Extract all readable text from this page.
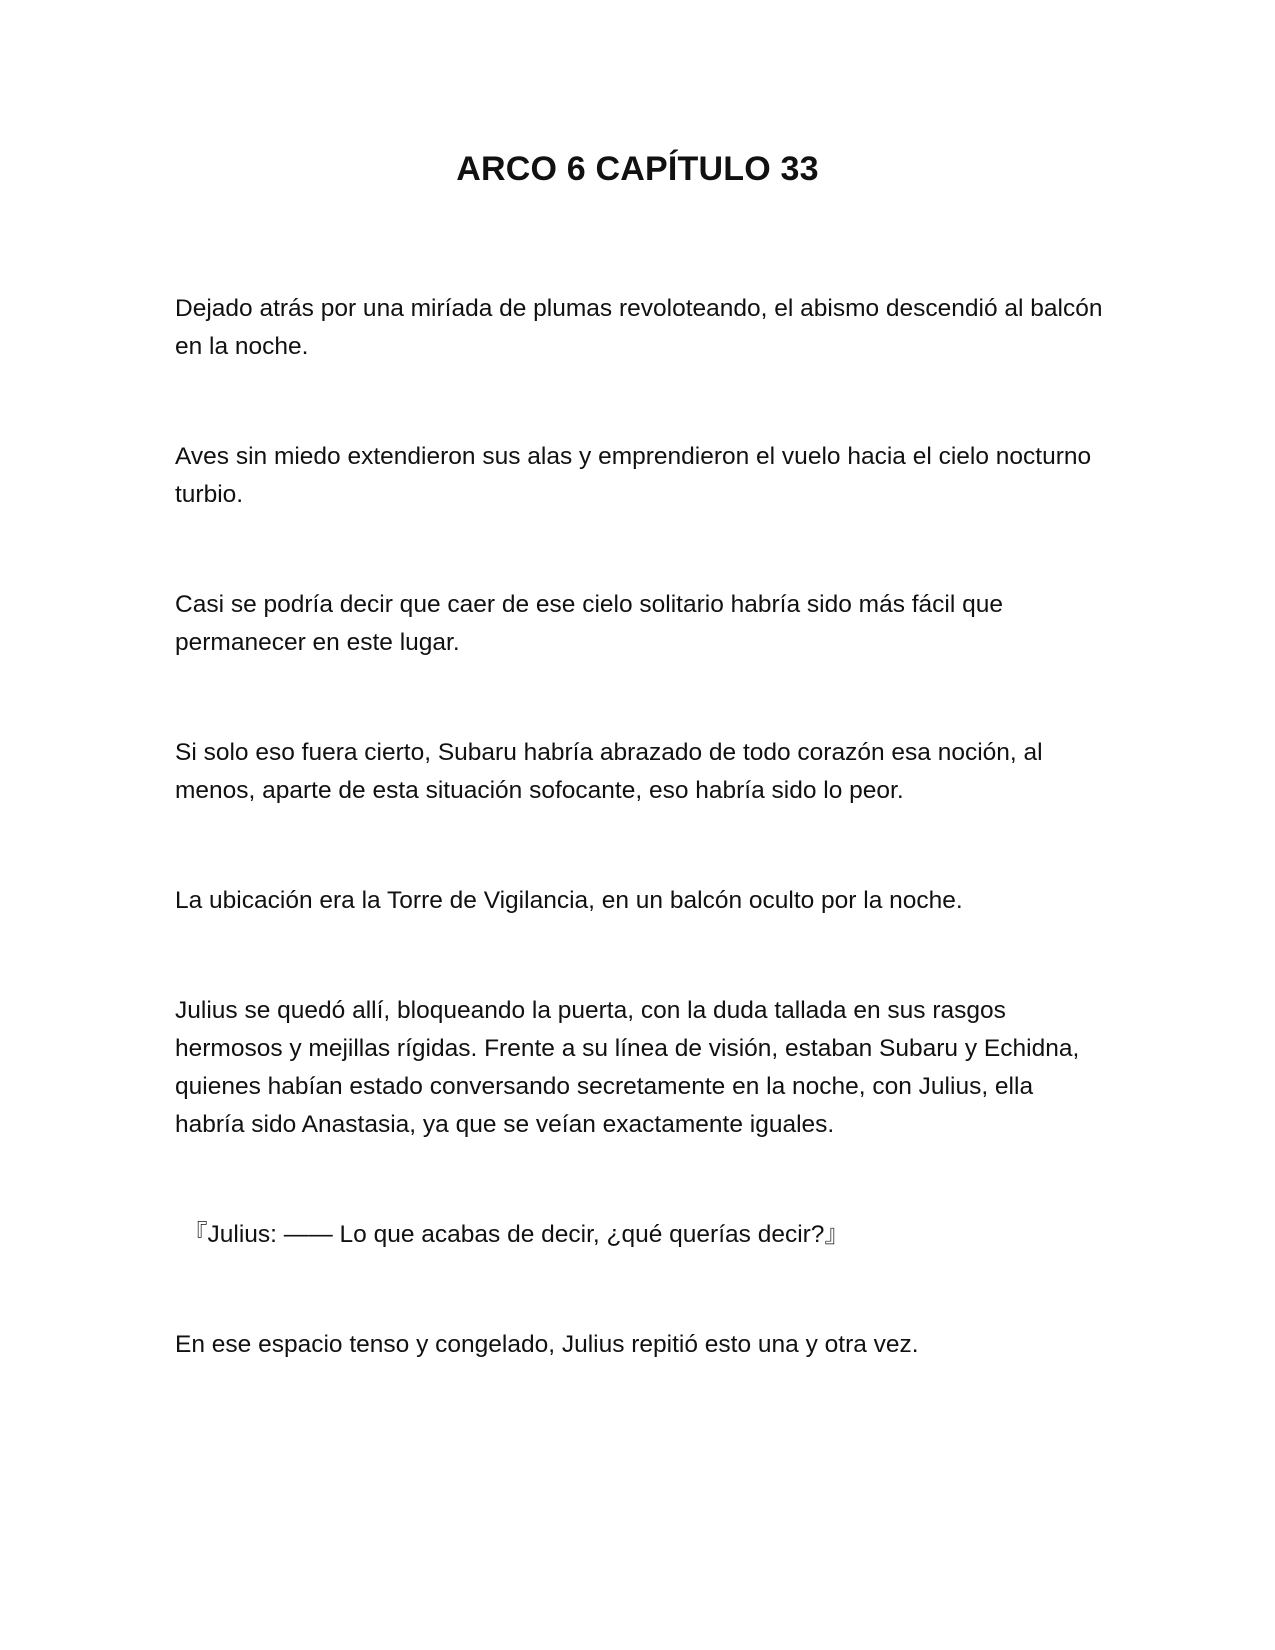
ARCO 6 CAPÍTULO 33

Dejado atrás por una miríada de plumas revoloteando, el abismo descendió al balcón en la noche.

Aves sin miedo extendieron sus alas y emprendieron el vuelo hacia el cielo nocturno turbio.

Casi se podría decir que caer de ese cielo solitario habría sido más fácil que permanecer en este lugar.

Si solo eso fuera cierto, Subaru habría abrazado de todo corazón esa noción, al menos, aparte de esta situación sofocante, eso habría sido lo peor.

La ubicación era la Torre de Vigilancia, en un balcón oculto por la noche.

Julius se quedó allí, bloqueando la puerta, con la duda tallada en sus rasgos hermosos y mejillas rígidas. Frente a su línea de visión, estaban Subaru y Echidna, quienes habían estado conversando secretamente en la noche, con Julius, ella habría sido Anastasia, ya que se veían exactamente iguales.

『Julius: —— Lo que acabas de decir, ¿qué querías decir?』

En ese espacio tenso y congelado, Julius repitió esto una y otra vez.
